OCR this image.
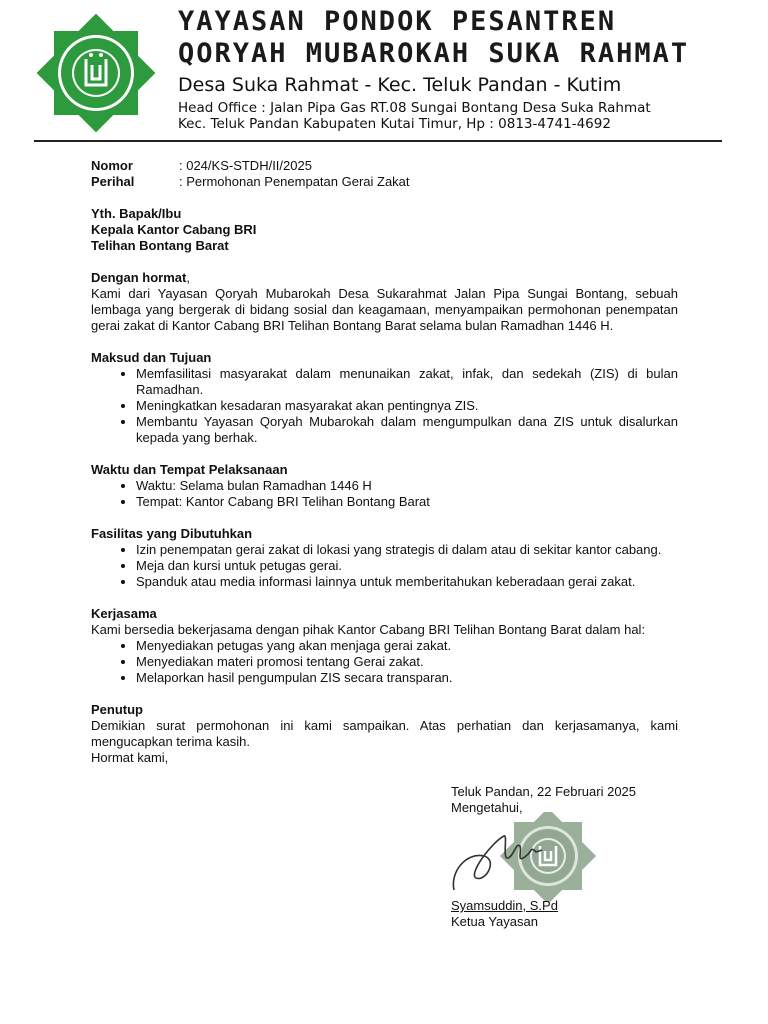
YAYASAN PONDOK PESANTREN
QORYAH MUBAROKAH SUKA RAHMAT
Desa Suka Rahmat - Kec. Teluk Pandan - Kutim
Head Office : Jalan Pipa Gas RT.08 Sungai Bontang Desa Suka Rahmat
Kec. Teluk Pandan Kabupaten Kutai Timur, Hp : 0813-4741-4692
Nomor	: 024/KS-STDH/II/2025
Perihal	: Permohonan Penempatan Gerai Zakat

Yth. Bapak/Ibu

Kepala Kantor Cabang BRI

Telihan Bontang Barat

Dengan hormat,

Kami dari Yayasan Qoryah Mubarokah Desa Sukarahmat Jalan Pipa Sungai Bontang, sebuah lembaga yang bergerak di bidang sosial dan keagamaan, menyampaikan permohonan penempatan gerai zakat di Kantor Cabang BRI Telihan Bontang Barat selama bulan Ramadhan 1446 H.

Maksud dan Tujuan

• Memfasilitasi masyarakat dalam menunaikan zakat, infak, dan sedekah (ZIS) di bulan Ramadhan.
• Meningkatkan kesadaran masyarakat akan pentingnya ZIS.
• Membantu Yayasan Qoryah Mubarokah dalam mengumpulkan dana ZIS untuk disalurkan kepada yang berhak.

Waktu dan Tempat Pelaksanaan

• Waktu: Selama bulan Ramadhan 1446 H
• Tempat: Kantor Cabang BRI Telihan Bontang Barat

Fasilitas yang Dibutuhkan

• Izin penempatan gerai zakat di lokasi yang strategis di dalam atau di sekitar kantor cabang.
• Meja dan kursi untuk petugas gerai.
• Spanduk atau media informasi lainnya untuk memberitahukan keberadaan gerai zakat.

Kerjasama

Kami bersedia bekerjasama dengan pihak Kantor Cabang BRI Telihan Bontang Barat dalam hal:

• Menyediakan petugas yang akan menjaga gerai zakat.
• Menyediakan materi promosi tentang Gerai zakat.
• Melaporkan hasil pengumpulan ZIS secara transparan.

Penutup

Demikian surat permohonan ini kami sampaikan. Atas perhatian dan kerjasamanya, kami mengucapkan terima kasih.

Hormat kami,

Teluk Pandan, 22 Februari 2025

Mengetahui,

Syamsuddin, S.Pd

Ketua Yayasan
